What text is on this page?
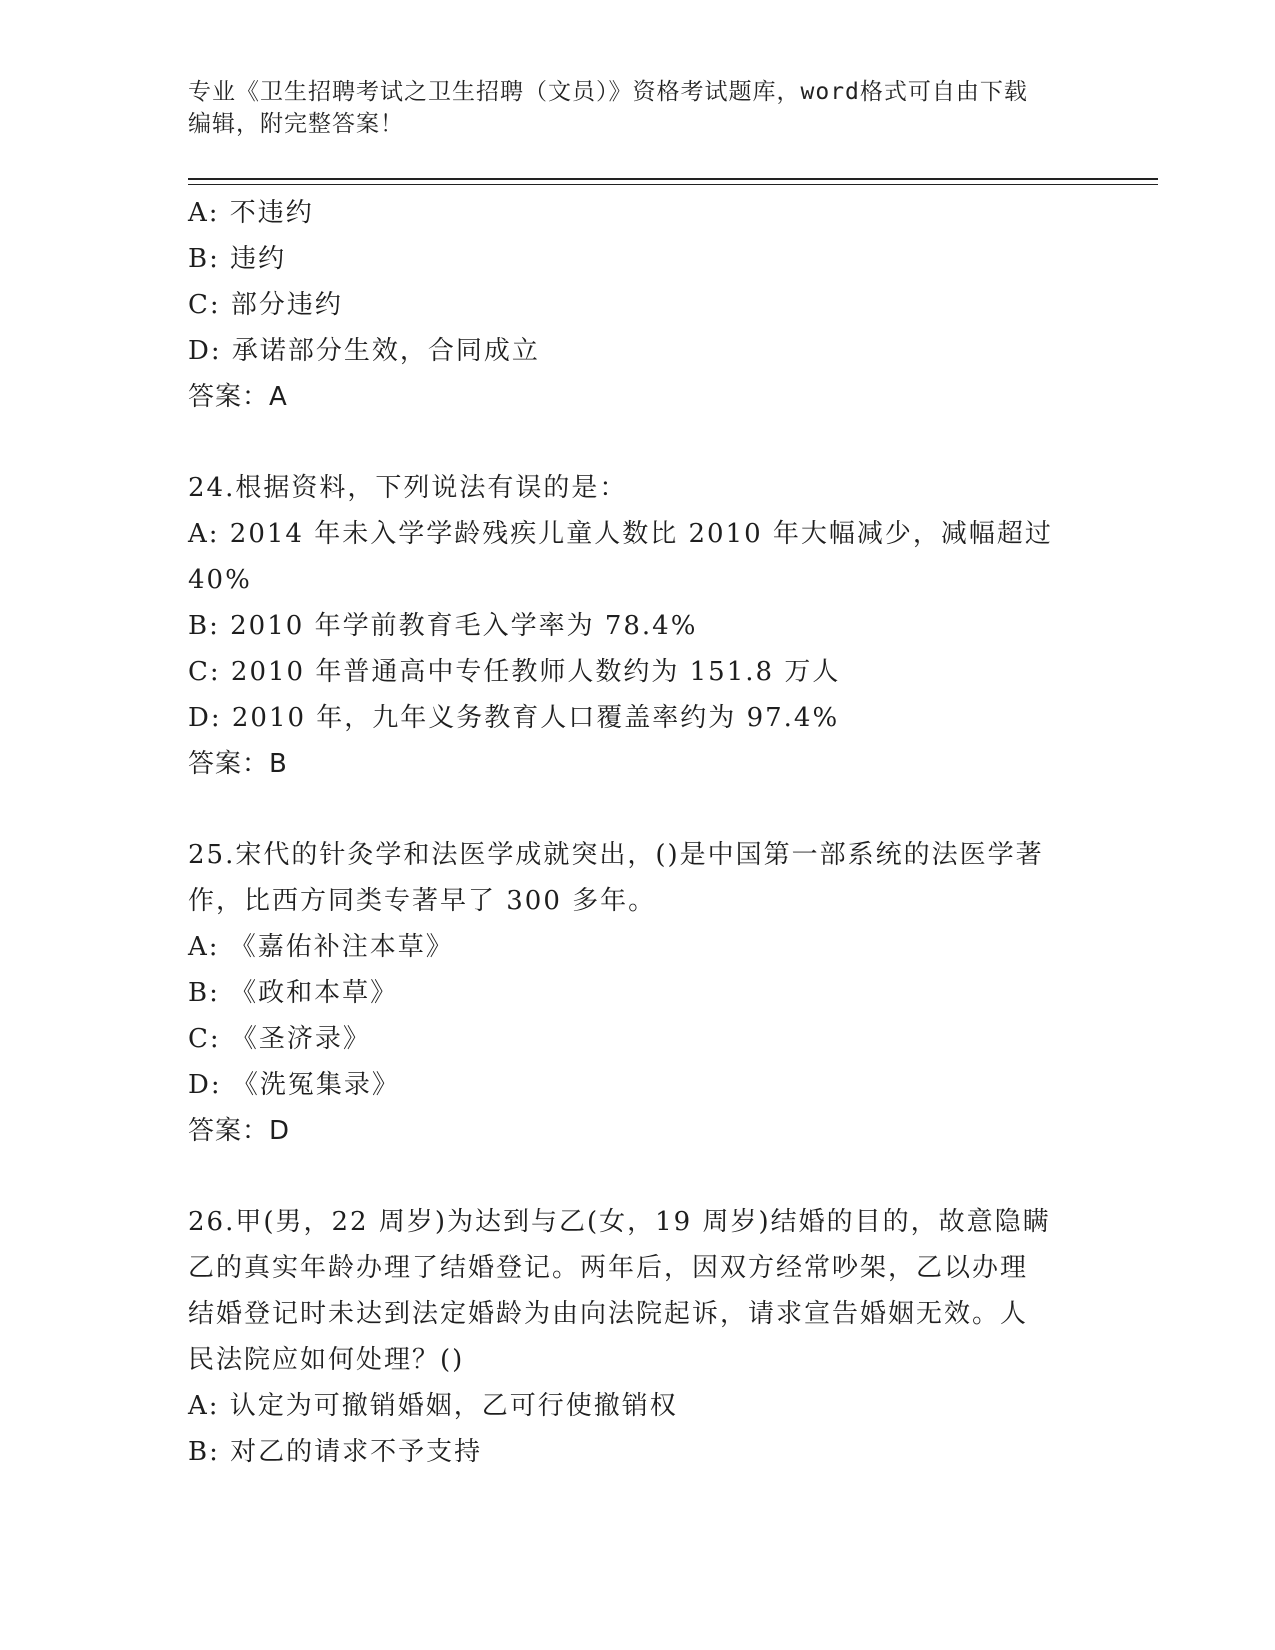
专业《卫生招聘考试之卫生招聘（文员）》资格考试题库，word格式可自由下载
编辑，附完整答案！
A: 不违约
B: 违约
C: 部分违约
D: 承诺部分生效，合同成立
答案：A
24.根据资料，下列说法有误的是：
A: 2014 年未入学学龄残疾儿童人数比 2010 年大幅减少，减幅超过
40%
B: 2010 年学前教育毛入学率为 78.4%
C: 2010 年普通高中专任教师人数约为 151.8 万人
D: 2010 年，九年义务教育人口覆盖率约为 97.4%
答案：B
25.宋代的针灸学和法医学成就突出，()是中国第一部系统的法医学著
作，比西方同类专著早了 300 多年。
A: 《嘉佑补注本草》
B: 《政和本草》
C: 《圣济录》
D: 《洗冤集录》
答案：D
26.甲(男，22 周岁)为达到与乙(女，19 周岁)结婚的目的，故意隐瞒
乙的真实年龄办理了结婚登记。两年后，因双方经常吵架，乙以办理
结婚登记时未达到法定婚龄为由向法院起诉，请求宣告婚姻无效。人
民法院应如何处理？()
A: 认定为可撤销婚姻，乙可行使撤销权
B: 对乙的请求不予支持
